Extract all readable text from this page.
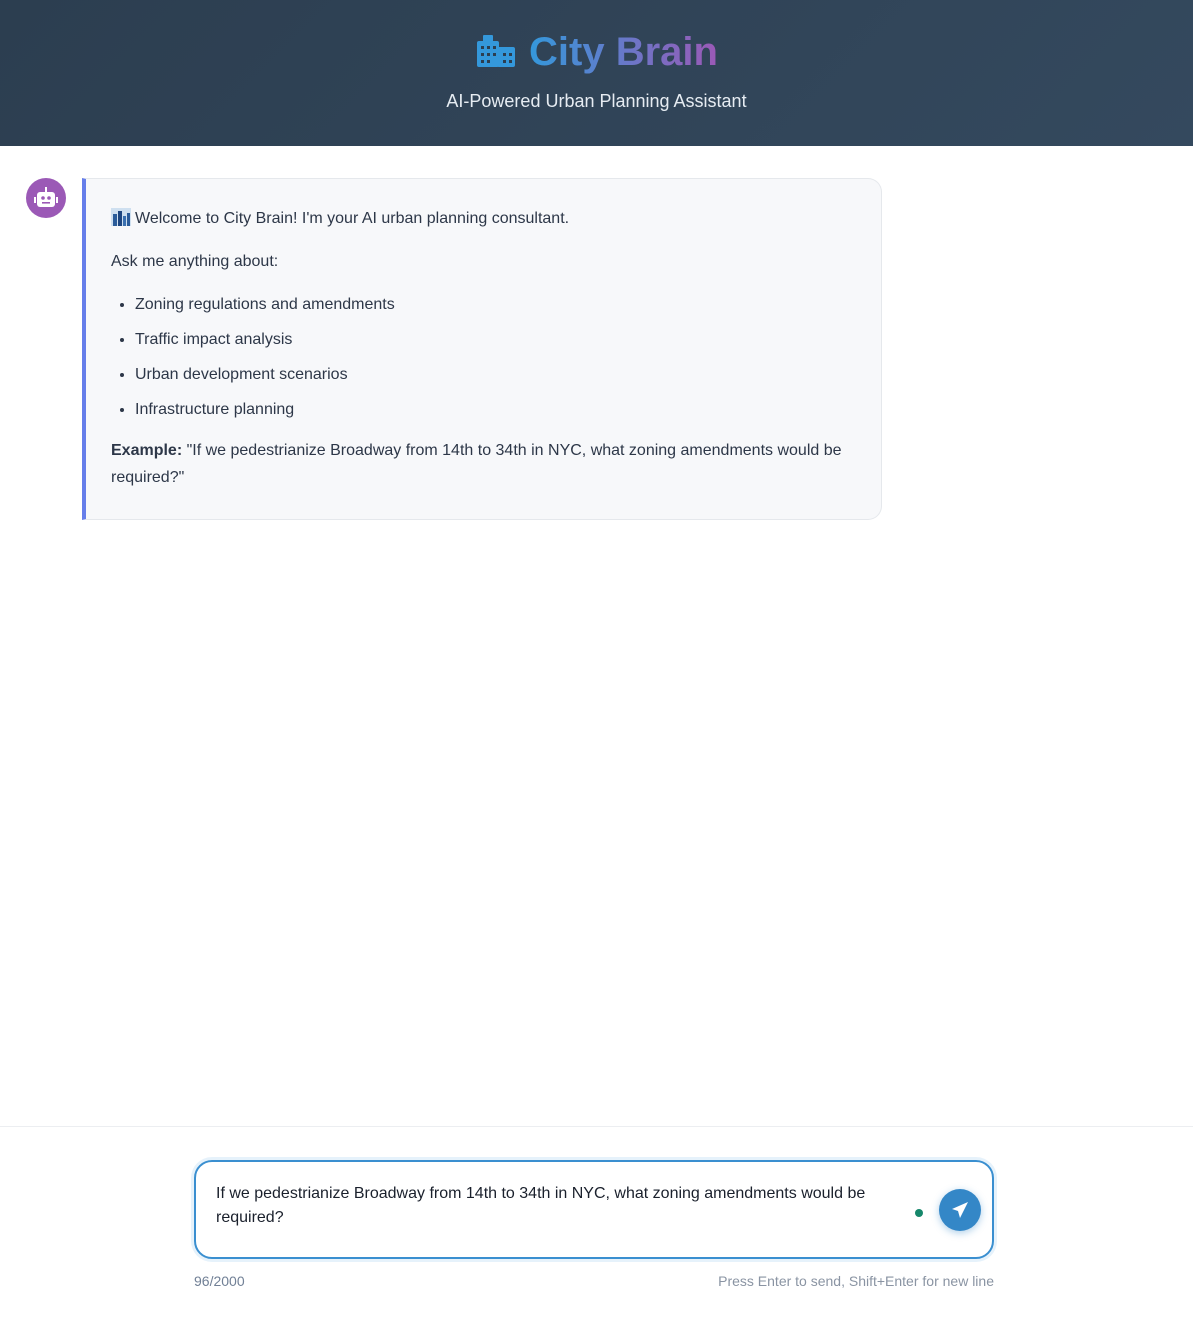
City Brain
AI-Powered Urban Planning Assistant

Welcome to City Brain! I'm your AI urban planning consultant.

Ask me anything about:

• Zoning regulations and amendments
• Traffic impact analysis
• Urban development scenarios
• Infrastructure planning

Example: "If we pedestrianize Broadway from 14th to 34th in NYC, what zoning amendments would be required?"

If we pedestrianize Broadway from 14th to 34th in NYC, what zoning amendments would be required?
96/2000	Press Enter to send, Shift+Enter for new line
